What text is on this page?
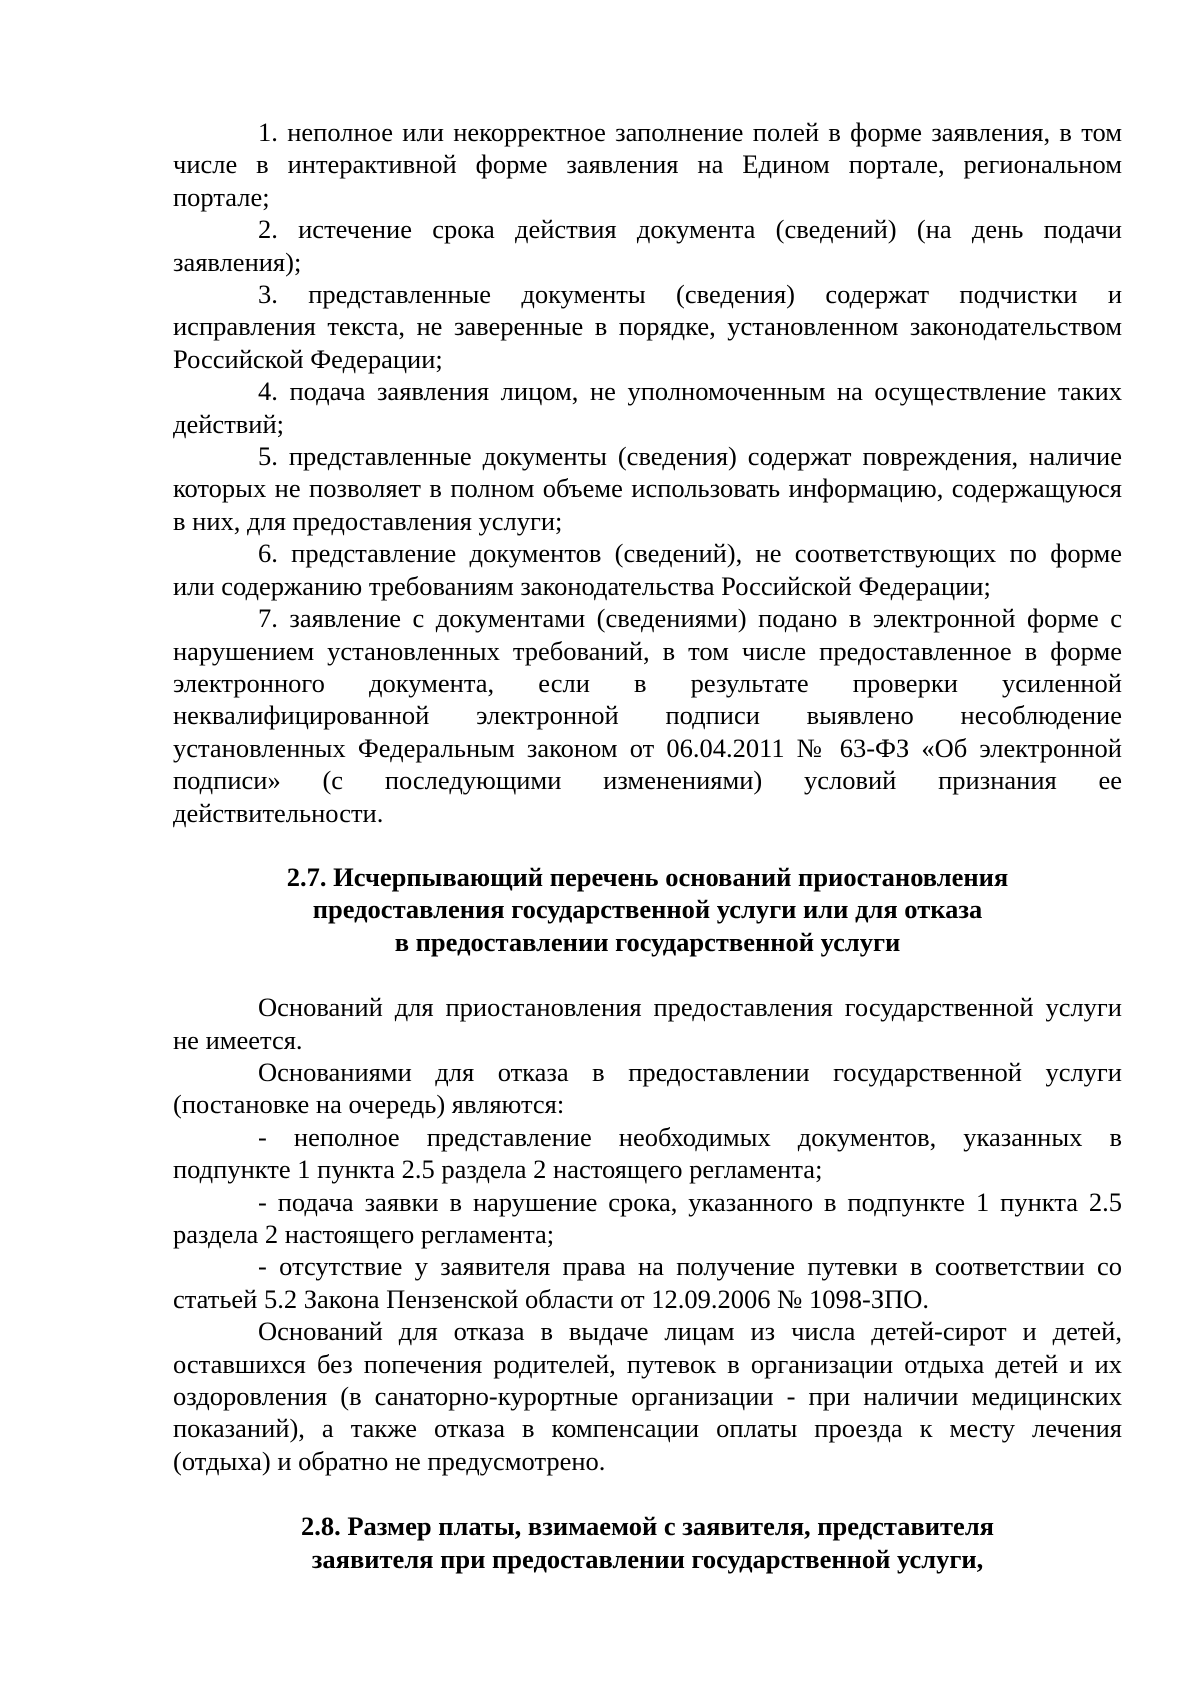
1. неполное или некорректное заполнение полей в форме заявления, в том числе в интерактивной форме заявления на Едином портале, региональном портале;

2. истечение срока действия документа (сведений) (на день подачи заявления);

3. представленные документы (сведения) содержат подчистки и исправления текста, не заверенные в порядке, установленном законодательством Российской Федерации;

4. подача заявления лицом, не уполномоченным на осуществление таких действий;

5. представленные документы (сведения) содержат повреждения, наличие которых не позволяет в полном объеме использовать информацию, содержащуюся в них, для предоставления услуги;

6. представление документов (сведений), не соответствующих по форме или содержанию требованиям законодательства Российской Федерации;

7. заявление с документами (сведениями) подано в электронной форме с нарушением установленных требований, в том числе предоставленное в форме электронного документа, если в результате проверки усиленной неквалифицированной электронной подписи выявлено несоблюдение установленных Федеральным законом от 06.04.2011 № 63-ФЗ «Об электронной подписи» (с последующими изменениями) условий признания ее действительности.

2.7. Исчерпывающий перечень оснований приостановления
предоставления государственной услуги или для отказа
в предоставлении государственной услуги

Оснований для приостановления предоставления государственной услуги не имеется.

Основаниями для отказа в предоставлении государственной услуги (постановке на очередь) являются:

- неполное представление необходимых документов, указанных в подпункте 1 пункта 2.5 раздела 2 настоящего регламента;

- подача заявки в нарушение срока, указанного в подпункте 1 пункта 2.5 раздела 2 настоящего регламента;

- отсутствие у заявителя права на получение путевки в соответствии со статьей 5.2 Закона Пензенской области от 12.09.2006 № 1098-ЗПО.

Оснований для отказа в выдаче лицам из числа детей-сирот и детей, оставшихся без попечения родителей, путевок в организации отдыха детей и их оздоровления (в санаторно-курортные организации - при наличии медицинских показаний), а также отказа в компенсации оплаты проезда к месту лечения (отдыха) и обратно не предусмотрено.

2.8. Размер платы, взимаемой с заявителя, представителя
заявителя при предоставлении государственной услуги,
